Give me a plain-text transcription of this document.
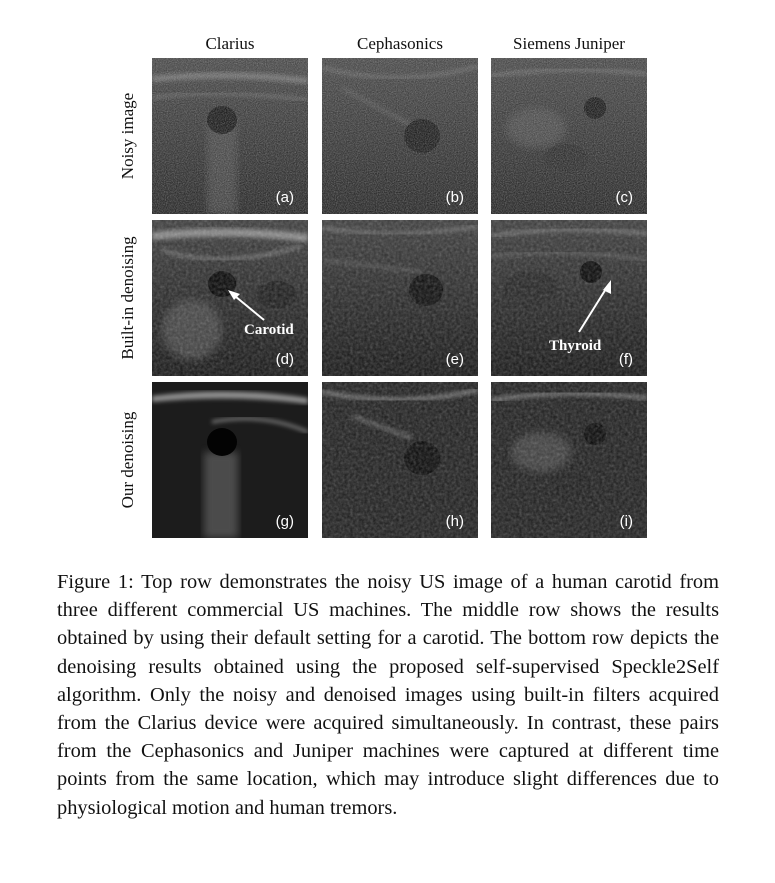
Clarius	Cephasonics	Siemens Juniper
Noisy image
Built-in denoising
Our denoising
(a)	(b)	(c)
Carotid
(d)	(e)
Thyroid
(f)
(g)	(h)	(i)

Figure 1: Top row demonstrates the noisy US image of a human carotid from three different commercial US machines. The middle row shows the results obtained by using their default setting for a carotid. The bottom row depicts the denoising results obtained using the proposed self-supervised Speckle2Self algorithm. Only the noisy and denoised images using built-in filters acquired from the Clarius device were acquired simultaneously. In contrast, these pairs from the Cephasonics and Juniper machines were captured at different time points from the same location, which may introduce slight differences due to physiological motion and human tremors.
